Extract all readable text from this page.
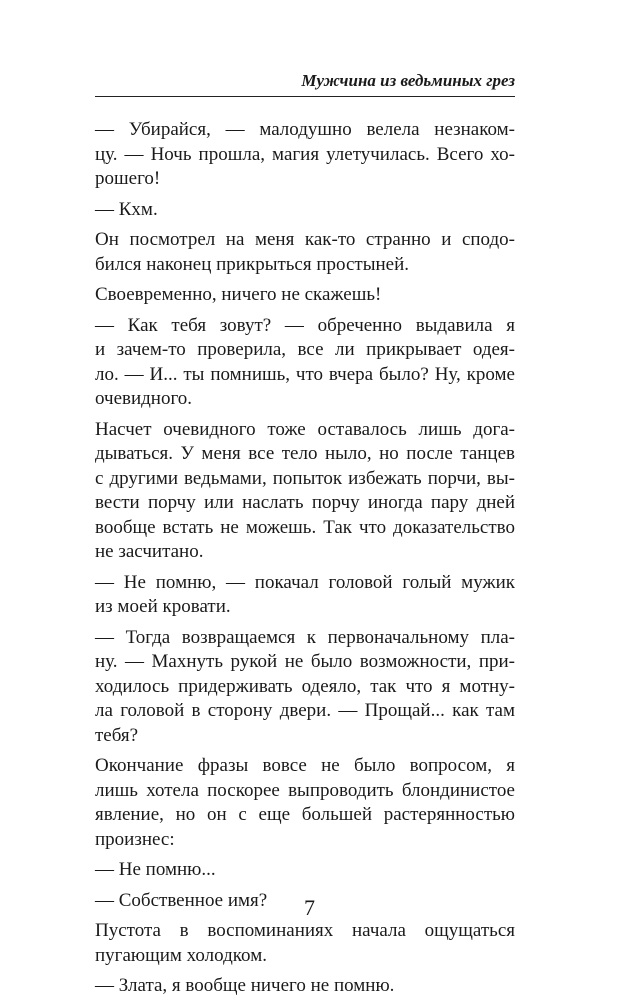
Мужчина из ведьминых грез
— Убирайся, — малодушно велела незнаком-
цу. — Ночь прошла, магия улетучилась. Всего хо-
рошего!
— Кхм.
Он посмотрел на меня как-то странно и сподо-
бился наконец прикрыться простыней.
Своевременно, ничего не скажешь!
— Как тебя зовут? — обреченно выдавила я
и зачем-то проверила, все ли прикрывает одея-
ло. — И... ты помнишь, что вчера было? Ну, кроме
очевидного.
Насчет очевидного тоже оставалось лишь дога-
дываться. У меня все тело ныло, но после танцев
с другими ведьмами, попыток избежать порчи, вы-
вести порчу или наслать порчу иногда пару дней
вообще встать не можешь. Так что доказательство
не засчитано.
— Не помню, — покачал головой голый мужик
из моей кровати.
— Тогда возвращаемся к первоначальному пла-
ну. — Махнуть рукой не было возможности, при-
ходилось придерживать одеяло, так что я мотну-
ла головой в сторону двери. — Прощай... как там
тебя?
Окончание фразы вовсе не было вопросом, я
лишь хотела поскорее выпроводить блондинистое
явление, но он с еще большей растерянностью
произнес:
— Не помню...
— Собственное имя?
Пустота в воспоминаниях начала ощущаться
пугающим холодком.
— Злата, я вообще ничего не помню.
7
